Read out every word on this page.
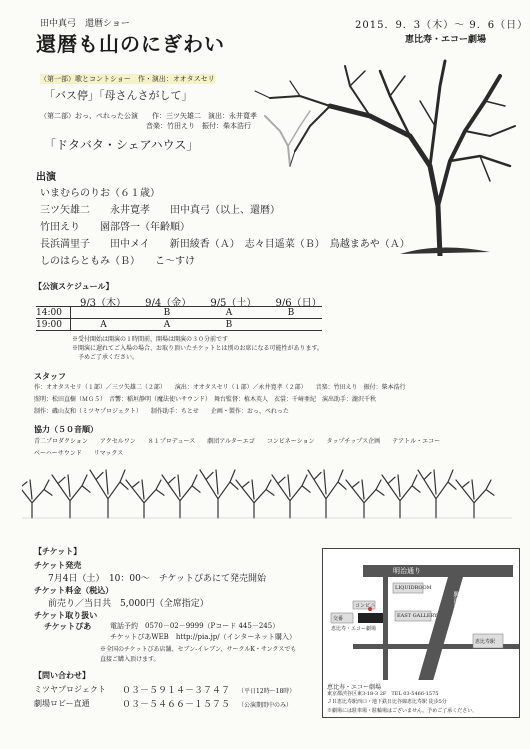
田中真弓　還暦ショー
還暦も山のにぎわい
2015．9．3（木）～ 9．6（日）
恵比寿・エコー劇場
（第一部）歌とコントショー　作・演出：オオタスセリ
「バス停」「母さんさがして」
（第二部）おっ、ぺれった公演　　作：三ツ矢雄二　演出：永井寛孝
音楽：竹田えり　振付：柴本浩行
「ドタバタ・シェアハウス」
出演
いまむらのりお（６１歳）
三ツ矢雄二　　永井寛孝　　田中真弓（以上、還暦）
竹田えり　　園部啓一（年齢順）
長浜満里子　　田中メイ　　新田綾香（Ａ）　志々目遥菜（Ｂ）　鳥越まあや（Ａ）
しのはらともみ（Ｂ）　　こ～すけ
【公演スケジュール】
9/3（木） 9/4（金） 9/5（土） 9/6（日）
14:00		B	A	B
19:00	A	A	B	
※受付開始は開演の１時間前、開場は開演の３０分前です
※開演に遅れてご入場の場合、お取り頂いたチケットとは別のお席になる可能性があります。
予めご了承ください。
スタッフ
作：オオタスセリ（１部）／三ツ矢雄二（２部）　　演出：オオタスセリ（１部）／永井寛孝（２部）　　音楽：竹田えり　振付：柴本浩行
照明：松田直樹（ＭＧ５）　音響：稲垣静明（魔法使いサウンド）　舞台監督：植木英人　衣裳：千﨑亜紀　演出助手：瀧沢千秋
制作：磯山友和（ミツヤプロジェクト）　　制作助手：ちとせ　　企画・製作：おっ、ぺれった
協力（５０音順）
青二プロダクション　　アクセルワン　　８１プロデュース　　劇団アルターエゴ　　コンビネーション　　タップチップス企画　　テアトル・エコー
ベーハーサウンド　　リマックス
【チケット】
チケット発売
7月4日（土）　10：00～　チケットぴあにて発売開始
チケット料金（税込）
前売り／当日共　5,000円（全席指定）
チケット取り扱い
チケットぴあ	電話予約　0570－02－9999（Pコード 445－245）
チケットぴあWEB　http://pia.jp/（インターネット購入）
※全国のチケットぴあ店舗、セブン-イレブン、サークルK・サンクスでも
直接ご購入頂けます。
【問い合わせ】
ミツヤプロジェクト ０３－５９１４－３７４７ （平日12時～18時）
劇場ロビー直通	０３－５４６６－１５７５ （公演期間中のみ）
明治通り
駒沢通り
恵比寿・エコー劇場
LIQUIDROOM
EAST GALLERY
コンビニ
交番
恵比寿駅
恵比寿・エコー劇場
東京都渋谷区東3-18-3 2F　TEL 03-5466-1575
ＪＲ恵比寿駅西口・地下鉄日比谷線恵比寿駅 徒歩5分
※劇場には駐車場・駐輪場はございません。予めご了承ください。
